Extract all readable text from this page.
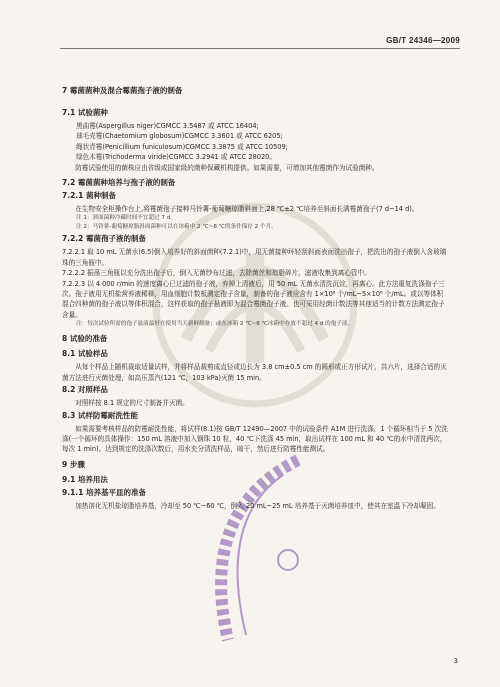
GB/T 24346—2009
7 霉菌菌种及混合霉菌孢子液的制备
7.1 试验菌种

黑曲霉(Aspergillus niger)CGMCC 3.5487 或 ATCC 16404;

球毛壳霉(Chaetomium globosum)CGMCC 3.3601 或 ATCC 6205;

绳状青霉(Penicillium funiculosum)CGMCC 3.3875 或 ATCC 10509;

绿色木霉(Trichoderma viride)CGMCC 3.2941 或 ATCC 28020。

防霉试验使用的菌株应由省级或国家级的菌种保藏机构提供。如果需要，可增加其他霉菌作为试验菌种。

7.2 霉菌菌种培养与孢子液的制备
7.2.1 菌种制备

在生物安全柜操作台上,将霉菌孢子接种马铃薯-葡萄糖琼脂斜面上,28 ℃±2 ℃培养至斜面长满霉菌孢子(7 d~14 d)。

注 1：斜面菌种冷藏时间不宜超过 7 d。
注 2：马铃薯-葡萄糖琼脂斜面菌种可以在冰箱中 2 ℃~8 ℃的条件保存 2 个月。
7.2.2 霉菌孢子液的制备

7.2.2.1 取 10 mL 无菌水(6.5)倒入培养好的斜面菌种(7.2.1)中，用无菌接种环轻刮斜面表面洗出孢子，把洗出的孢子液倒入含玻璃珠的三角瓶中。

7.2.2.2 振荡三角瓶以充分洗出孢子后，倒入无菌纱布过滤，去除菌丝和琼脂碎片，滤液收集到离心管中。

7.2.2.3 以 4 000 r/min 的速度离心已过滤的孢子液，弃掉上清液后，用 50 mL 无菌水清洗沉淀，再离心。此方法重复洗涤孢子三次。孢子液用无机盐营养液稀释，用血细胞计数板测定孢子含量，制备的孢子液应含有 1×10⁶ 个/mL~5×10⁶ 个/mL。或以等体积混合四种菌的孢子液以等体积混合，这样获取的孢子悬液即为混合霉菌孢子液。也可采用经菌计数法等其他适当的计数方法测定孢子含量。

注：每次试验所需的孢子悬液最好在使用当天新鲜制备；或在冰箱 2 ℃~8 ℃冰箱中存放不超过 4 d 的孢子液。
8 试验的准备
8.1 试验样品

从每个样品上随机裁取适量试样，并将样品裁剪成直径或边长为 3.8 cm±0.5 cm 的圆形或正方形试片，共六片，选择合适的灭菌方法进行灭菌处理，如高压蒸汽(121 ℃，103 kPa)灭菌 15 min。

8.2 对照样品

对照样按 8.1 规定的尺寸制备并灭菌。

8.3 试样防霉耐洗性能

如果需要考核样品的防霉耐洗性能，将试样(8.1)按 GB/T 12490—2007 中的试验条件 A1M 进行洗涤，1 个循环相当于 5 次洗涤(一个循环的具体操作：150 mL 溶液中加入钢珠 10 粒，40 ℃下洗涤 45 min，取出试样在 100 mL 和 40 ℃的水中清洗两次，每次 1 min)。达到规定的洗涤次数后，用水充分清洗样品，晾干，然后进行防霉性能测试。

9 步骤
9.1 培养用法
9.1.1 培养基平皿的准备

加热溶化无机盐琼脂培养基，冷却至 50 ℃~60 ℃，倒入 20 mL~25 mL 培养基于灭菌培养皿中，使其在室温下冷却凝固。

3
